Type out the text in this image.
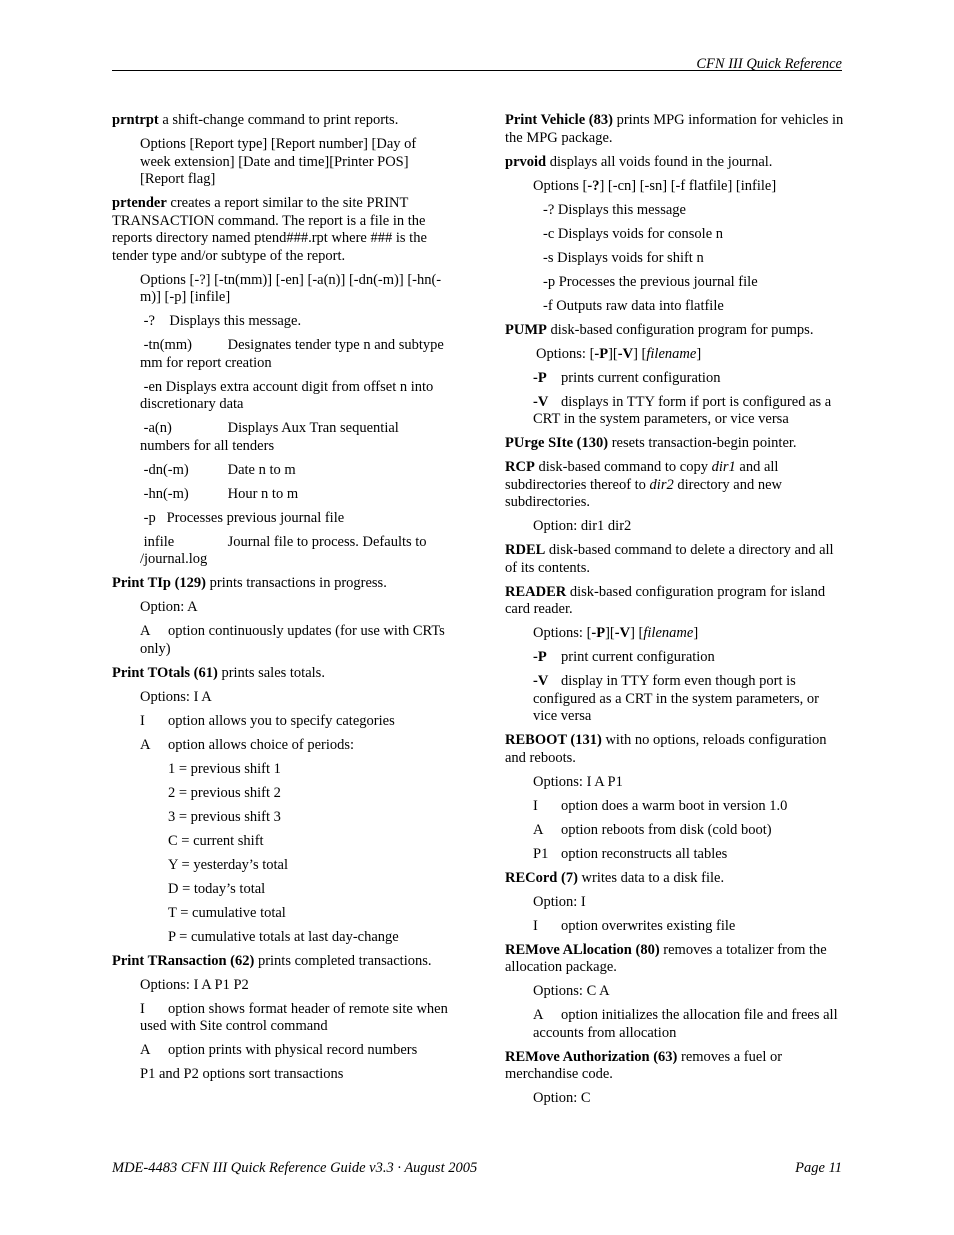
CFN III Quick Reference

prntrpt a shift-change command to print reports.

Options [Report type] [Report number] [Day of week extension] [Date and time][Printer POS] [Report flag]

prtender creates a report similar to the site PRINT TRANSACTION command. The report is a file in the reports directory named ptend###.rpt where ### is the tender type and/or subtype of the report.

Options [-?] [-tn(mm)] [-en] [-a(n)] [-dn(-m)] [-hn(-m)] [-p] [infile]

-? Displays this message.

-tn(mm) Designates tender type n and subtype mm for report creation

-en Displays extra account digit from offset n into discretionary data

-a(n)	Displays Aux Tran sequential numbers for all tenders

-dn(-m)	Date n to m

-hn(-m)	Hour n to m

-p Processes previous journal file

infile	Journal file to process. Defaults to /journal.log

Print TIp (129) prints transactions in progress.

Option: A

A option continuously updates (for use with CRTs only)

Print TOtals (61) prints sales totals.

Options: I A

I option allows you to specify categories

A option allows choice of periods:

1 = previous shift 1

2 = previous shift 2

3 = previous shift 3

C = current shift

Y = yesterday’s total

D = today’s total

T = cumulative total

P = cumulative totals at last day-change

Print TRansaction (62) prints completed transactions.

Options: I A P1 P2

I option shows format header of remote site when used with Site control command

A option prints with physical record numbers

P1 and P2 options sort transactions

Print Vehicle (83) prints MPG information for vehicles in the MPG package.

prvoid displays all voids found in the journal.

Options [-?] [-cn] [-sn] [-f flatfile] [infile]

-? Displays this message

-c Displays voids for console n

-s Displays voids for shift n

-p Processes the previous journal file

-f Outputs raw data into flatfile

PUMP disk-based configuration program for pumps.

Options: [-P][-V] [filename]

-P prints current configuration

-V displays in TTY form if port is configured as a CRT in the system parameters, or vice versa

PUrge SIte (130) resets transaction-begin pointer.

RCP disk-based command to copy dir1 and all subdirectories thereof to dir2 directory and new subdirectories.

Option: dir1 dir2

RDEL disk-based command to delete a directory and all of its contents.

READER disk-based configuration program for island card reader.

Options: [-P][-V] [filename]

-P print current configuration

-V display in TTY form even though port is configured as a CRT in the system parameters, or vice versa

REBOOT (131) with no options, reloads configuration and reboots.

Options: I A P1

I option does a warm boot in version 1.0

A option reboots from disk (cold boot)

P1 option reconstructs all tables

RECord (7) writes data to a disk file.

Option: I

I option overwrites existing file

REMove ALlocation (80) removes a totalizer from the allocation package.

Options: C A

A option initializes the allocation file and frees all accounts from allocation

REMove Authorization (63) removes a fuel or merchandise code.

Option: C

MDE-4483 CFN III Quick Reference Guide v3.3 · August 2005	Page 11
